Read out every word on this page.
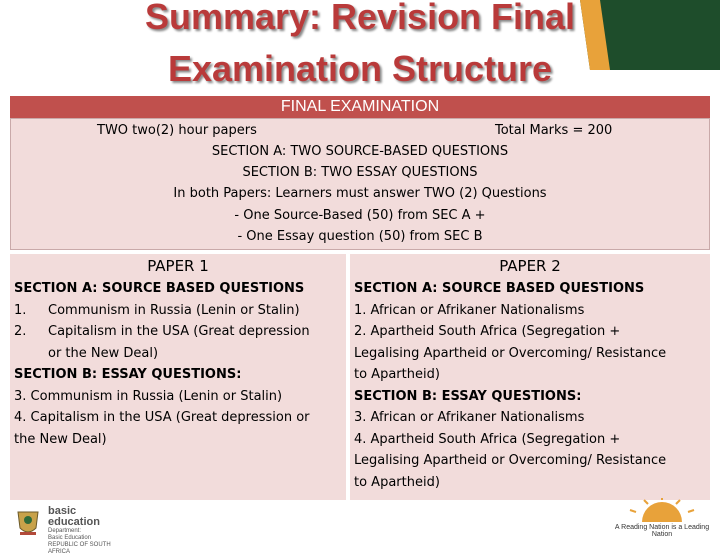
Summary: Revision Final
Examination Structure
FINAL EXAMINATION
TWO two(2) hour papers	Total Marks = 200
SECTION A: TWO SOURCE-BASED QUESTIONS
SECTION B: TWO ESSAY QUESTIONS
In both Papers: Learners must answer TWO (2) Questions
- One Source-Based (50) from SEC A +
- One Essay question (50) from SEC B
PAPER 1
SECTION A: SOURCE BASED QUESTIONS
1. Communism in Russia (Lenin or Stalin)
2. Capitalism in the USA (Great depression
or the New Deal)
SECTION B: ESSAY QUESTIONS:
3. Communism in Russia (Lenin or Stalin)
4. Capitalism in the USA (Great depression or
the New Deal)
PAPER 2
SECTION A: SOURCE BASED QUESTIONS
1. African or Afrikaner Nationalisms
2. Apartheid South Africa (Segregation +
Legalising Apartheid or Overcoming/ Resistance
to Apartheid)
SECTION B: ESSAY QUESTIONS:
3. African or Afrikaner Nationalisms
4. Apartheid South Africa (Segregation +
Legalising Apartheid or Overcoming/ Resistance
to Apartheid)
basic education
Department:
Basic Education
REPUBLIC OF SOUTH AFRICA
A Reading Nation is a Leading Nation
